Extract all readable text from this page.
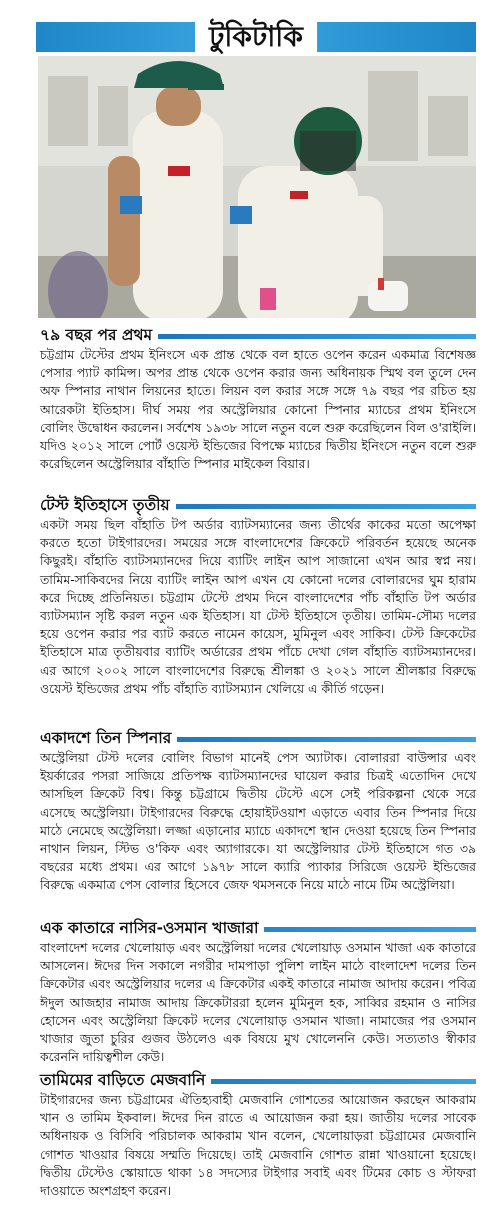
টুকিটাকি
৭৯ বছর পর প্রথম

চট্টগ্রাম টেস্টের প্রথম ইনিংসে এক প্রান্ত থেকে বল হাতে ওপেন করেন একমাত্র বিশেষজ্ঞ পেসার প্যাট কামিন্স। অপর প্রান্ত থেকে ওপেন করার জন্য অধিনায়ক স্মিথ বল তুলে দেন অফ স্পিনার নাথান লিয়নের হাতে। লিয়ন বল করার সঙ্গে সঙ্গে ৭৯ বছর পর রচিত হয় আরেকটা ইতিহাস। দীর্ঘ সময় পর অস্ট্রেলিয়ার কোনো স্পিনার ম্যাচের প্রথম ইনিংসে বোলিং উদ্বোধন করলেন। সর্বশেষ ১৯৩৮ সালে নতুন বলে শুরু করেছিলেন বিল ও'রাইলি। যদিও ২০১২ সালে পোর্ট ওয়েস্ট ইন্ডিজের বিপক্ষে ম্যাচের দ্বিতীয় ইনিংসে নতুন বলে শুরু করেছিলেন অস্ট্রেলিয়ার বাঁহাতি স্পিনার মাইকেল বিয়ার।

টেস্ট ইতিহাসে তৃতীয়

একটা সময় ছিল বাঁহাতি টপ অর্ডার ব্যাটসম্যানের জন্য তীর্থের কাকের মতো অপেক্ষা করতে হতো টাইগারদের। সময়ের সঙ্গে বাংলাদেশের ক্রিকেটে পরিবর্তন হয়েছে অনেক কিছুরই। বাঁহাতি ব্যাটসম্যানদের দিয়ে ব্যাটিং লাইন আপ সাজানো এখন আর স্বপ্ন নয়। তামিম-সাকিবদের নিয়ে ব্যাটিং লাইন আপ এখন যে কোনো দলের বোলারদের ঘুম হারাম করে দিচ্ছে প্রতিনিয়ত। চট্টগ্রাম টেস্টে প্রথম দিনে বাংলাদেশের পাঁচ বাঁহাতি টপ অর্ডার ব্যাটসম্যান সৃষ্টি করল নতুন এক ইতিহাস। যা টেস্ট ইতিহাসে তৃতীয়। তামিম-সৌম্য দলের হয়ে ওপেন করার পর ব্যাট করতে নামেন কায়েস, মুমিনুল এবং সাকিব। টেস্ট ক্রিকেটের ইতিহাসে মাত্র তৃতীয়বার ব্যাটিং অর্ডারের প্রথম পাঁচে দেখা গেল বাঁহাতি ব্যাটসম্যানদের। এর আগে ২০০২ সালে বাংলাদেশের বিরুদ্ধে শ্রীলঙ্কা ও ২০২১ সালে শ্রীলঙ্কার বিরুদ্ধে ওয়েস্ট ইন্ডিজের প্রথম পাঁচ বাঁহাতি ব্যাটসম্যান খেলিয়ে এ কীর্তি গড়েন।

একাদশে তিন স্পিনার

অস্ট্রেলিয়া টেস্ট দলের বোলিং বিভাগ মানেই পেস অ্যাটাক। বোলাররা বাউন্সার এবং ইয়র্কারের পসরা সাজিয়ে প্রতিপক্ষ ব্যাটসম্যানদের ঘায়েল করার চিত্রই এতোদিন দেখে আসছিল ক্রিকেট বিশ্ব। কিন্তু চট্টগ্রামে দ্বিতীয় টেস্টে এসে সেই পরিকল্পনা থেকে সরে এসেছে অস্ট্রেলিয়া। টাইগারদের বিরুদ্ধে হোয়াইটওয়াশ এড়াতে এবার তিন স্পিনার দিয়ে মাঠে নেমেছে অস্ট্রেলিয়া। লজ্জা এড়ানোর ম্যাচে একাদশে স্থান দেওয়া হয়েছে তিন স্পিনার নাথান লিয়ন, স্টিভ ও'কিফ এবং অ্যাগারকে। যা অস্ট্রেলিয়ার টেস্ট ইতিহাসে গত ৩৯ বছরের মধ্যে প্রথম। এর আগে ১৯৭৮ সালে ক্যারি প্যাকার সিরিজে ওয়েস্ট ইন্ডিজের বিরুদ্ধে একমাত্র পেস বোলার হিসেবে জেফ থমসনকে নিয়ে মাঠে নামে টিম অস্ট্রেলিয়া।

এক কাতারে নাসির-ওসমান খাজারা

বাংলাদেশ দলের খেলোয়াড় এবং অস্ট্রেলিয়া দলের খেলোয়াড় ওসমান খাজা এক কাতারে আসলেন। ঈদের দিন সকালে নগরীর দামপাড়া পুলিশ লাইন মাঠে বাংলাদেশ দলের তিন ক্রিকেটার এবং অস্ট্রেলিয়ার দলের এ ক্রিকেটার একই কাতারে নামাজ আদায় করেন। পবিত্র ঈদুল আজহার নামাজ আদায় ক্রিকেটাররা হলেন মুমিনুল হক, সাব্বির রহমান ও নাসির হোসেন এবং অস্ট্রেলিয়া ক্রিকেট দলের খেলোয়াড় ওসমান খাজা। নামাজের পর ওসমান খাজার জুতা চুরির গুজব উঠলেও এক বিষয়ে মুখ খোলেননি কেউ। সত্যতাও স্বীকার করেননি দায়িত্বশীল কেউ।

তামিমের বাড়িতে মেজবানি

টাইগারদের জন্য চট্টগ্রামের ঐতিহ্যবাহী মেজবানি গোশতের আয়োজন করছেন আকরাম খান ও তামিম ইকবাল। ঈদের দিন রাতে এ আয়োজন করা হয়। জাতীয় দলের সাবেক অধিনায়ক ও বিসিবি পরিচালক আকরাম খান বলেন, খেলোয়াড়রা চট্টগ্রামের মেজবানি গোশত খাওয়ার বিষয়ে সম্মতি দিয়েছে। তাই মেজবানি গোশত রান্না খাওয়ানো হয়েছে। দ্বিতীয় টেস্টেও স্কোয়াডে থাকা ১৪ সদস্যের টাইগার সবাই এবং টিমের কোচ ও স্টাফরা দাওয়াতে অংশগ্রহণ করেন।
